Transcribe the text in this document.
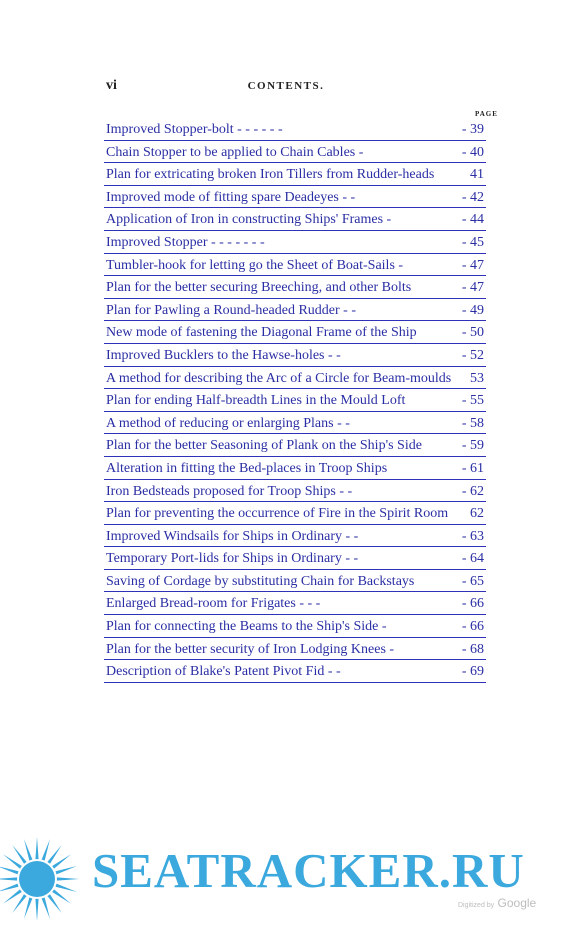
vi	CONTENTS.
PAGE
Improved Stopper-bolt - - - - - -	- 39
Chain Stopper to be applied to Chain Cables -	- 40
Plan for extricating broken Iron Tillers from Rudder-heads	41
Improved mode of fitting spare Deadeyes - -	- 42
Application of Iron in constructing Ships' Frames -	- 44
Improved Stopper - - - - - - -	- 45
Tumbler-hook for letting go the Sheet of Boat-Sails -	- 47
Plan for the better securing Breeching, and other Bolts	- 47
Plan for Pawling a Round-headed Rudder - -	- 49
New mode of fastening the Diagonal Frame of the Ship	- 50
Improved Bucklers to the Hawse-holes - -	- 52
A method for describing the Arc of a Circle for Beam-moulds 53
Plan for ending Half-breadth Lines in the Mould Loft	- 55
A method of reducing or enlarging Plans - -	- 58
Plan for the better Seasoning of Plank on the Ship's Side	- 59
Alteration in fitting the Bed-places in Troop Ships	- 61
Iron Bedsteads proposed for Troop Ships - -	- 62
Plan for preventing the occurrence of Fire in the Spirit Room 62
Improved Windsails for Ships in Ordinary - -	- 63
Temporary Port-lids for Ships in Ordinary - -	- 64
Saving of Cordage by substituting Chain for Backstays	- 65
Enlarged Bread-room for Frigates - - -	- 66
Plan for connecting the Beams to the Ship's Side -	- 66
Plan for the better security of Iron Lodging Knees -	- 68
Description of Blake's Patent Pivot Fid - -	- 69
SEATRACKER.RU
Digitized by Google
